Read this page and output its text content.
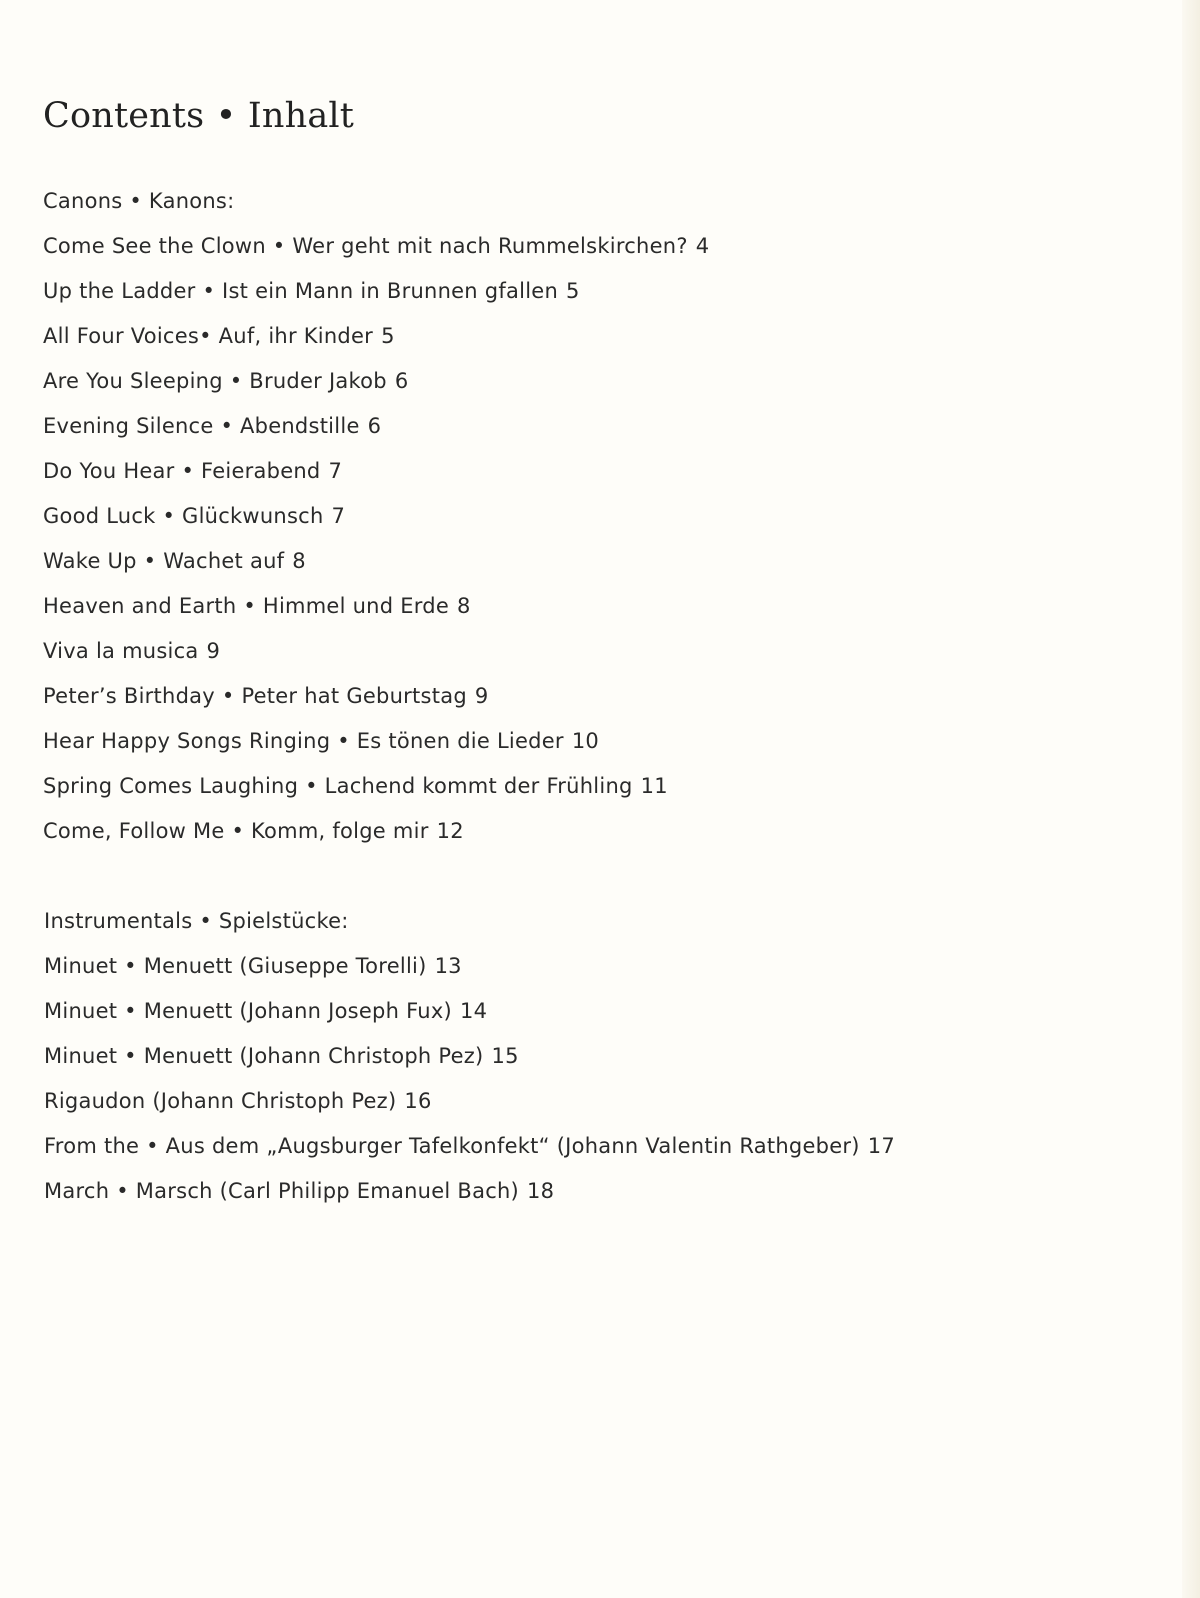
Contents • Inhalt
Canons • Kanons:
Come See the Clown • Wer geht mit nach Rummelskirchen? 4
Up the Ladder • Ist ein Mann in Brunnen gfallen 5
All Four Voices• Auf, ihr Kinder 5
Are You Sleeping • Bruder Jakob 6
Evening Silence • Abendstille 6
Do You Hear • Feierabend 7
Good Luck • Glückwunsch 7
Wake Up • Wachet auf 8
Heaven and Earth • Himmel und Erde 8
Viva la musica 9
Peter’s Birthday • Peter hat Geburtstag 9
Hear Happy Songs Ringing • Es tönen die Lieder 10
Spring Comes Laughing • Lachend kommt der Frühling 11
Come, Follow Me • Komm, folge mir 12
Instrumentals • Spielstücke:
Minuet • Menuett (Giuseppe Torelli) 13
Minuet • Menuett (Johann Joseph Fux) 14
Minuet • Menuett (Johann Christoph Pez) 15
Rigaudon (Johann Christoph Pez) 16
From the • Aus dem „Augsburger Tafelkonfekt“ (Johann Valentin Rathgeber) 17
March • Marsch (Carl Philipp Emanuel Bach) 18
